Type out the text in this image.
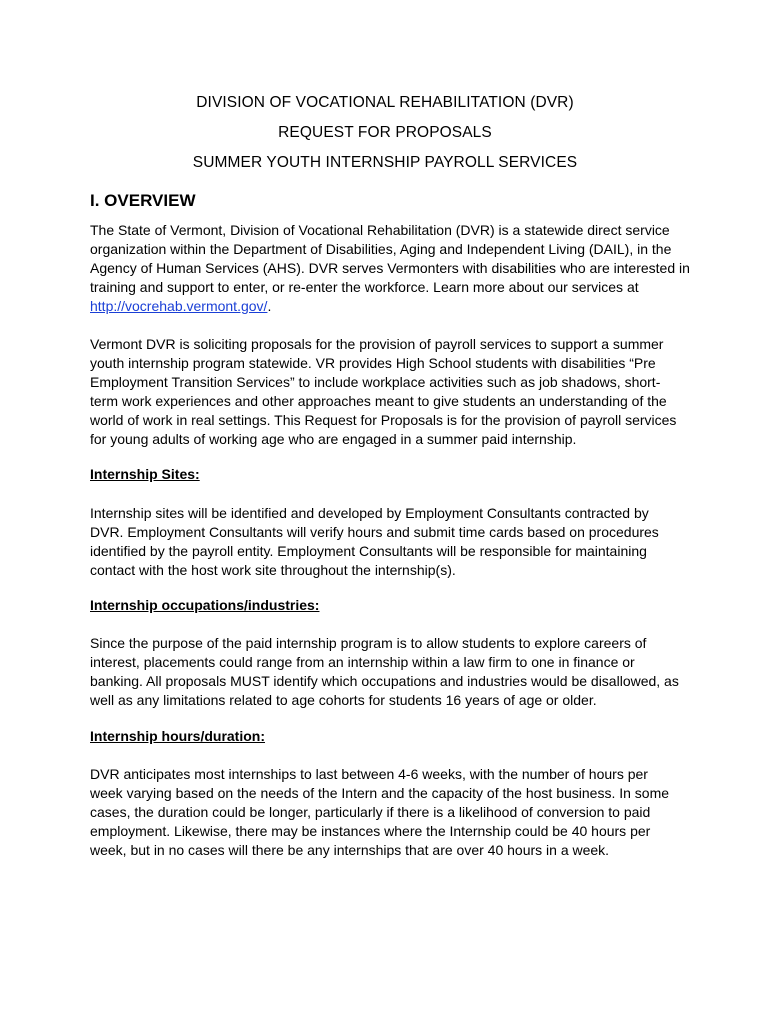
DIVISION OF VOCATIONAL REHABILITATION (DVR)
REQUEST FOR PROPOSALS
SUMMER YOUTH INTERNSHIP PAYROLL SERVICES
I. OVERVIEW
The State of Vermont, Division of Vocational Rehabilitation (DVR) is a statewide direct service
organization within the Department of Disabilities, Aging and Independent Living (DAIL), in the
Agency of Human Services (AHS). DVR serves Vermonters with disabilities who are interested in
training and support to enter, or re-enter the workforce. Learn more about our services at
http://vocrehab.vermont.gov/.
Vermont DVR is soliciting proposals for the provision of payroll services to support a summer
youth internship program statewide. VR provides High School students with disabilities “Pre
Employment Transition Services” to include workplace activities such as job shadows, short-
term work experiences and other approaches meant to give students an understanding of the
world of work in real settings. This Request for Proposals is for the provision of payroll services
for young adults of working age who are engaged in a summer paid internship.
Internship Sites:
Internship sites will be identified and developed by Employment Consultants contracted by
DVR. Employment Consultants will verify hours and submit time cards based on procedures
identified by the payroll entity. Employment Consultants will be responsible for maintaining
contact with the host work site throughout the internship(s).
Internship occupations/industries:
Since the purpose of the paid internship program is to allow students to explore careers of
interest, placements could range from an internship within a law firm to one in finance or
banking. All proposals MUST identify which occupations and industries would be disallowed, as
well as any limitations related to age cohorts for students 16 years of age or older.
Internship hours/duration:
DVR anticipates most internships to last between 4-6 weeks, with the number of hours per
week varying based on the needs of the Intern and the capacity of the host business. In some
cases, the duration could be longer, particularly if there is a likelihood of conversion to paid
employment. Likewise, there may be instances where the Internship could be 40 hours per
week, but in no cases will there be any internships that are over 40 hours in a week.
